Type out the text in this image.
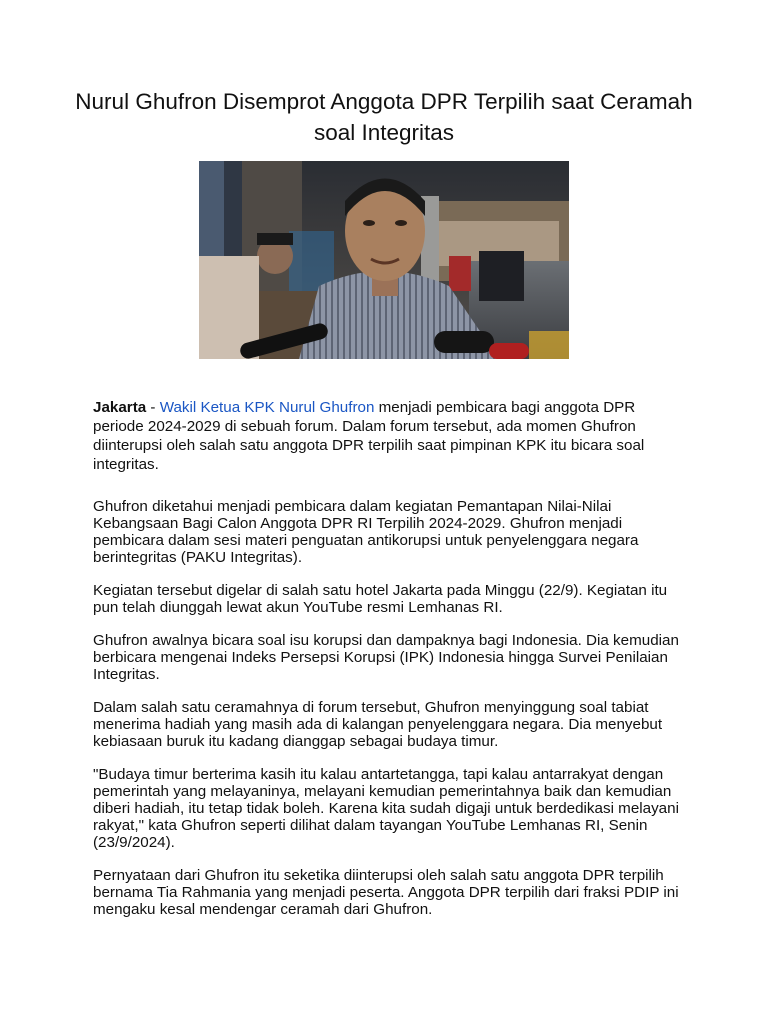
Nurul Ghufron Disemprot Anggota DPR Terpilih saat Ceramah soal Integritas

Jakarta - Wakil Ketua KPK Nurul Ghufron menjadi pembicara bagi anggota DPR periode 2024-2029 di sebuah forum. Dalam forum tersebut, ada momen Ghufron diinterupsi oleh salah satu anggota DPR terpilih saat pimpinan KPK itu bicara soal integritas.

Ghufron diketahui menjadi pembicara dalam kegiatan Pemantapan Nilai-Nilai Kebangsaan Bagi Calon Anggota DPR RI Terpilih 2024-2029. Ghufron menjadi pembicara dalam sesi materi penguatan antikorupsi untuk penyelenggara negara berintegritas (PAKU Integritas).

Kegiatan tersebut digelar di salah satu hotel Jakarta pada Minggu (22/9). Kegiatan itu pun telah diunggah lewat akun YouTube resmi Lemhanas RI.

Ghufron awalnya bicara soal isu korupsi dan dampaknya bagi Indonesia. Dia kemudian berbicara mengenai Indeks Persepsi Korupsi (IPK) Indonesia hingga Survei Penilaian Integritas.

Dalam salah satu ceramahnya di forum tersebut, Ghufron menyinggung soal tabiat menerima hadiah yang masih ada di kalangan penyelenggara negara. Dia menyebut kebiasaan buruk itu kadang dianggap sebagai budaya timur.

"Budaya timur berterima kasih itu kalau antartetangga, tapi kalau antarrakyat dengan pemerintah yang melayaninya, melayani kemudian pemerintahnya baik dan kemudian diberi hadiah, itu tetap tidak boleh. Karena kita sudah digaji untuk berdedikasi melayani rakyat," kata Ghufron seperti dilihat dalam tayangan YouTube Lemhanas RI, Senin (23/9/2024).

Pernyataan dari Ghufron itu seketika diinterupsi oleh salah satu anggota DPR terpilih bernama Tia Rahmania yang menjadi peserta. Anggota DPR terpilih dari fraksi PDIP ini mengaku kesal mendengar ceramah dari Ghufron.
